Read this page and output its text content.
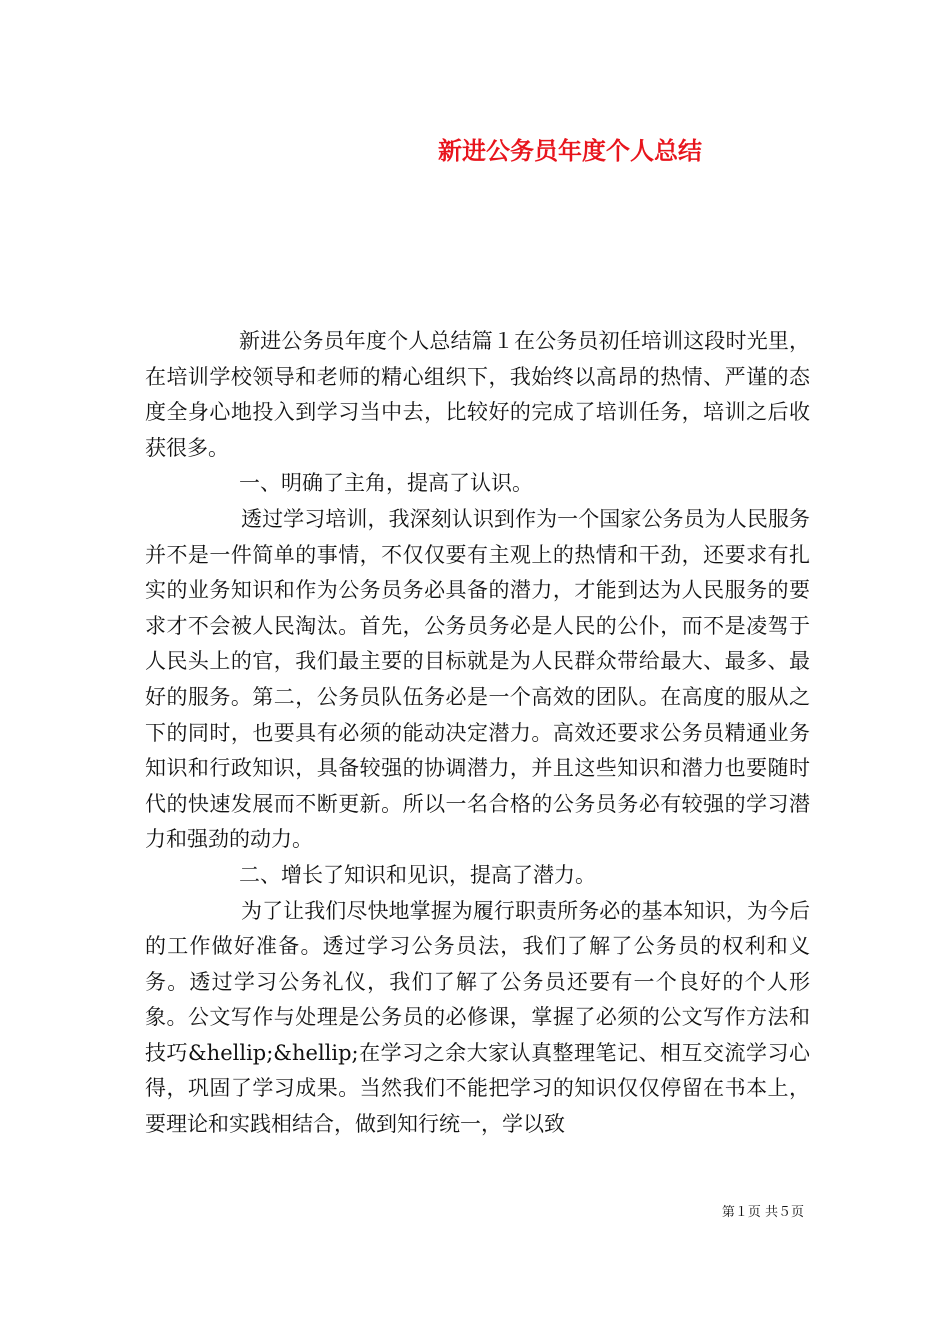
新进公务员年度个人总结

新进公务员年度个人总结篇１在公务员初任培训这段时光里，在培训学校领导和老师的精心组织下，我始终以高昂的热情、严谨的态度全身心地投入到学习当中去，比较好的完成了培训任务，培训之后收获很多。

一、明确了主角，提高了认识。

透过学习培训，我深刻认识到作为一个国家公务员为人民服务并不是一件简单的事情，不仅仅要有主观上的热情和干劲，还要求有扎实的业务知识和作为公务员务必具备的潜力，才能到达为人民服务的要求才不会被人民淘汰。首先，公务员务必是人民的公仆，而不是凌驾于人民头上的官，我们最主要的目标就是为人民群众带给最大、最多、最好的服务。第二，公务员队伍务必是一个高效的团队。在高度的服从之下的同时，也要具有必须的能动决定潜力。高效还要求公务员精通业务知识和行政知识，具备较强的协调潜力，并且这些知识和潜力也要随时代的快速发展而不断更新。所以一名合格的公务员务必有较强的学习潜力和强劲的动力。

二、增长了知识和见识，提高了潜力。

为了让我们尽快地掌握为履行职责所务必的基本知识，为今后的工作做好准备。透过学习公务员法，我们了解了公务员的权利和义务。透过学习公务礼仪，我们了解了公务员还要有一个良好的个人形象。公文写作与处理是公务员的必修课，掌握了必须的公文写作方法和技巧&hellip;&hellip;在学习之余大家认真整理笔记、相互交流学习心得，巩固了学习成果。当然我们不能把学习的知识仅仅停留在书本上，要理论和实践相结合，做到知行统一，学以致

第１页 共５页
